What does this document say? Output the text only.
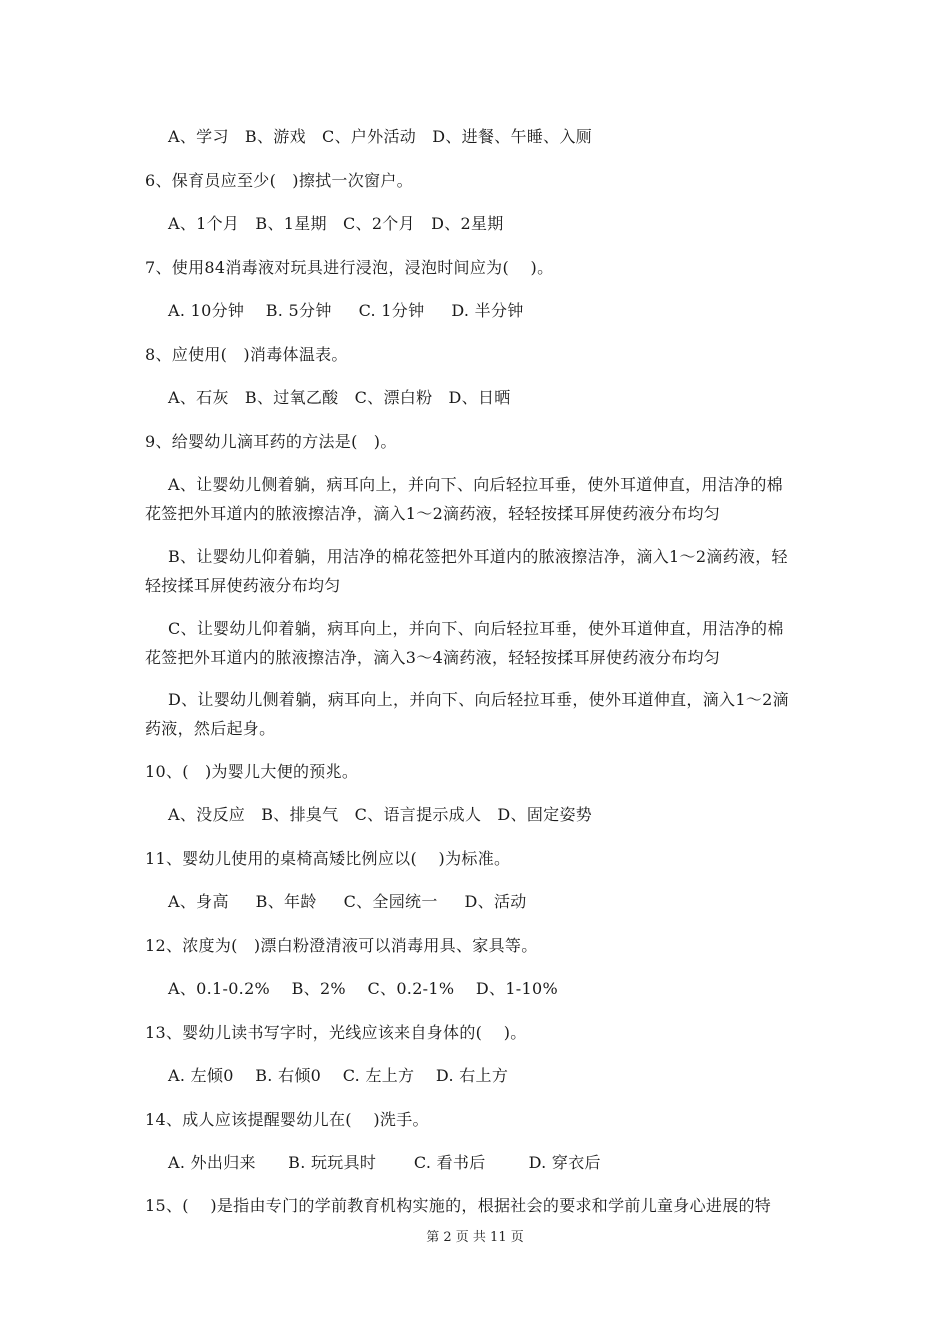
A、学习   B、游戏   C、户外活动   D、进餐、午睡、入厕
6、保育员应至少(   )擦拭一次窗户。
A、1个月   B、1星期   C、2个月   D、2星期
7、使用84消毒液对玩具进行浸泡，浸泡时间应为(    )。
A. 10分钟    B. 5分钟     C. 1分钟     D. 半分钟
8、应使用(   )消毒体温表。
A、石灰   B、过氧乙酸   C、漂白粉   D、日晒
9、给婴幼儿滴耳药的方法是(   )。
A、让婴幼儿侧着躺，病耳向上，并向下、向后轻拉耳垂，使外耳道伸直，用洁净的棉
花签把外耳道内的脓液擦洁净，滴入1～2滴药液，轻轻按揉耳屏使药液分布均匀
B、让婴幼儿仰着躺，用洁净的棉花签把外耳道内的脓液擦洁净，滴入1～2滴药液，轻
轻按揉耳屏使药液分布均匀
C、让婴幼儿仰着躺，病耳向上，并向下、向后轻拉耳垂，使外耳道伸直，用洁净的棉
花签把外耳道内的脓液擦洁净，滴入3～4滴药液，轻轻按揉耳屏使药液分布均匀
D、让婴幼儿侧着躺，病耳向上，并向下、向后轻拉耳垂，使外耳道伸直，滴入1～2滴
药液，然后起身。
10、(   )为婴儿大便的预兆。
A、没反应   B、排臭气   C、语言提示成人   D、固定姿势
11、婴幼儿使用的桌椅高矮比例应以(    )为标准。
A、身高     B、年龄     C、全园统一     D、活动
12、浓度为(   )漂白粉澄清液可以消毒用具、家具等。
A、0.1-0.2%    B、2%    C、0.2-1%    D、1-10%
13、婴幼儿读书写字时，光线应该来自身体的(    )。
A. 左倾0    B. 右倾0    C. 左上方    D. 右上方
14、成人应该提醒婴幼儿在(    )洗手。
A. 外出归来      B. 玩玩具时       C. 看书后        D. 穿衣后
15、(    )是指由专门的学前教育机构实施的，根据社会的要求和学前儿童身心进展的特
第 2 页 共 11 页
